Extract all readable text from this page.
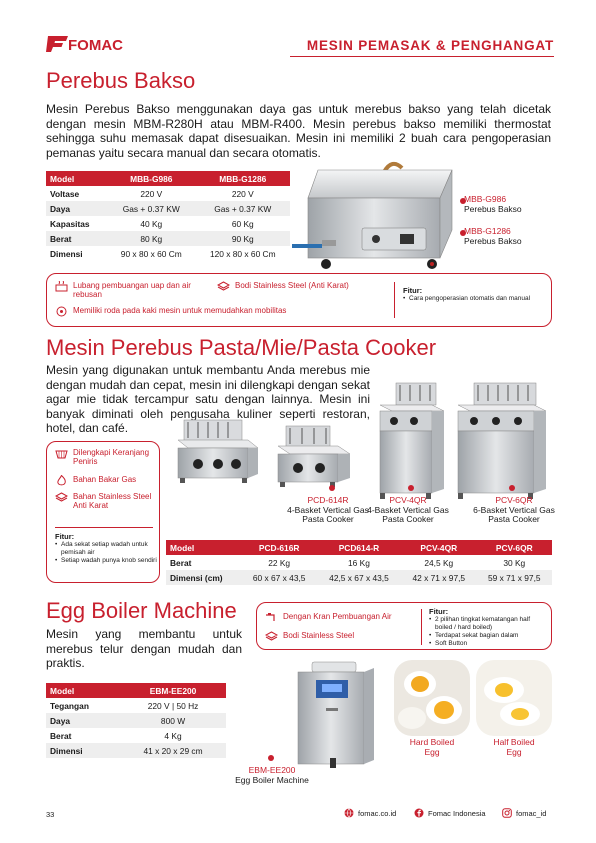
FOMAC	MESIN PEMASAK & PENGHANGAT
Perebus Bakso

Mesin Perebus Bakso menggunakan daya gas untuk merebus bakso yang telah dicetak dengan mesin MBM-R280H atau MBM-R400. Mesin perebus bakso memiliki thermostat sehingga suhu memasak dapat disesuaikan. Mesin ini memiliki 2 buah cara pengoperasian pemanas yaitu secara manual dan secara otomatis.

Model	MBB-G986	MBB-G1286
Voltase	220 V	220 V
Daya	Gas + 0.37 KW	Gas + 0.37 KW
Kapasitas	40 Kg	60 Kg
Berat	80 Kg	90 Kg
Dimensi	90 x 80 x 60 Cm	120 x 80 x 60 Cm
MBB-G986
Perebus Bakso
MBB-G1286
Perebus Bakso
Lubang pembuangan uap dan air rebusan
Bodi Stainless Steel (Anti Karat)
Memiliki roda pada kaki mesin untuk memudahkan mobilitas
Fitur:
• Cara pengoperasian otomatis dan manual
Mesin Perebus Pasta/Mie/Pasta Cooker

Mesin yang digunakan untuk membantu Anda merebus mie dengan mudah dan cepat, mesin ini dilengkapi dengan sekat agar mie tidak tercampur satu dengan lainnya. Mesin ini banyak diminati oleh pengusaha kuliner seperti restoran, hotel, dan café.

Dilengkapi Keranjang Peniris
Bahan Bakar Gas
Bahan Stainless Steel Anti Karat
Fitur:
• Ada sekat setiap wadah untuk pemisah air
• Setiap wadah punya knob sendiri
PCD-614R
4-Basket Vertical Gas Pasta Cooker
PCV-4QR
4-Basket Vertical Gas Pasta Cooker
PCV-6QR
6-Basket Vertical Gas Pasta Cooker
Model	PCD-616R	PCD614-R	PCV-4QR	PCV-6QR
Berat	22 Kg	16 Kg	24,5 Kg	30 Kg
Dimensi (cm)	60 x 67 x 43,5	42,5 x 67 x 43,5	42 x 71 x 97,5	59 x 71 x 97,5
Egg Boiler Machine

Mesin yang membantu untuk merebus telur dengan mudah dan praktis.

Dengan Kran Pembuangan Air
Bodi Stainless Steel
Fitur:
• 2 pilihan tingkat kematangan half boiled / hard boiled)
• Terdapat sekat bagian dalam
• Soft Button
Model	EBM-EE200
Tegangan	220 V | 50 Hz
Daya	800 W
Berat	4 Kg
Dimensi	41 x 20 x 29 cm
EBM-EE200
Egg Boiler Machine
Hard Boiled
Egg
Half Boiled
Egg
33	fomac.co.id	Fomac Indonesia	fomac_id
